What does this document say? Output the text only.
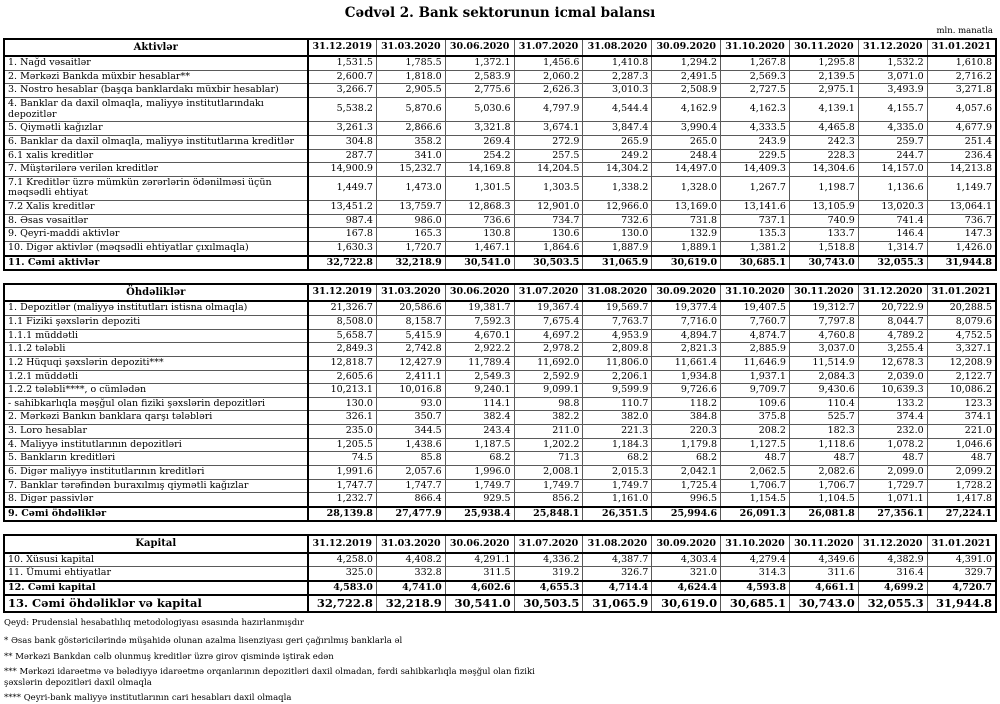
Cədvəl 2. Bank sektorunun icmal balansı
mln. manatla
Aktivlər	31.12.2019	31.03.2020	30.06.2020	31.07.2020	31.08.2020	30.09.2020	31.10.2020	30.11.2020	31.12.2020	31.01.2021
1. Nağd vəsaitlər	1,531.5	1,785.5	1,372.1	1,456.6	1,410.8	1,294.2	1,267.8	1,295.8	1,532.2	1,610.8
2. Mərkəzi Bankda müxbir hesablar**	2,600.7	1,818.0	2,583.9	2,060.2	2,287.3	2,491.5	2,569.3	2,139.5	3,071.0	2,716.2
3. Nostro hesablar (başqa banklardakı müxbir hesablar)	3,266.7	2,905.5	2,775.6	2,626.3	3,010.3	2,508.9	2,727.5	2,975.1	3,493.9	3,271.8
4. Banklar da daxil olmaqla, maliyyə institutlarındakı depozitlər	5,538.2	5,870.6	5,030.6	4,797.9	4,544.4	4,162.9	4,162.3	4,139.1	4,155.7	4,057.6
5. Qiymətli kağızlar	3,261.3	2,866.6	3,321.8	3,674.1	3,847.4	3,990.4	4,333.5	4,465.8	4,335.0	4,677.9
6. Banklar da daxil olmaqla, maliyyə institutlarına kreditlər	304.8	358.2	269.4	272.9	265.9	265.0	243.9	242.3	259.7	251.4
6.1 xalis kreditlər	287.7	341.0	254.2	257.5	249.2	248.4	229.5	228.3	244.7	236.4
7. Müştərilərə verilən kreditlər	14,900.9	15,232.7	14,169.8	14,204.5	14,304.2	14,497.0	14,409.3	14,304.6	14,157.0	14,213.8
7.1 Kreditlər üzrə mümkün zərərlərin ödənilməsi üçün məqsədli ehtiyat	1,449.7	1,473.0	1,301.5	1,303.5	1,338.2	1,328.0	1,267.7	1,198.7	1,136.6	1,149.7
7.2 Xalis kreditlər	13,451.2	13,759.7	12,868.3	12,901.0	12,966.0	13,169.0	13,141.6	13,105.9	13,020.3	13,064.1
8. Əsas vəsaitlər	987.4	986.0	736.6	734.7	732.6	731.8	737.1	740.9	741.4	736.7
9. Qeyri-maddi aktivlər	167.8	165.3	130.8	130.6	130.0	132.9	135.3	133.7	146.4	147.3
10. Digər aktivlər (məqsədli ehtiyatlar çıxılmaqla)	1,630.3	1,720.7	1,467.1	1,864.6	1,887.9	1,889.1	1,381.2	1,518.8	1,314.7	1,426.0
11. Cəmi aktivlər	32,722.8	32,218.9	30,541.0	30,503.5	31,065.9	30,619.0	30,685.1	30,743.0	32,055.3	31,944.8
Öhdəliklər	31.12.2019	31.03.2020	30.06.2020	31.07.2020	31.08.2020	30.09.2020	31.10.2020	30.11.2020	31.12.2020	31.01.2021
1. Depozitlər (maliyyə institutları istisna olmaqla)	21,326.7	20,586.6	19,381.7	19,367.4	19,569.7	19,377.4	19,407.5	19,312.7	20,722.9	20,288.5
1.1 Fiziki şəxslərin depoziti	8,508.0	8,158.7	7,592.3	7,675.4	7,763.7	7,716.0	7,760.7	7,797.8	8,044.7	8,079.6
1.1.1 müddətli	5,658.7	5,415.9	4,670.1	4,697.2	4,953.9	4,894.7	4,874.7	4,760.8	4,789.2	4,752.5
1.1.2 tələbli	2,849.3	2,742.8	2,922.2	2,978.2	2,809.8	2,821.3	2,885.9	3,037.0	3,255.4	3,327.1
1.2 Hüquqi şəxslərin depoziti***	12,818.7	12,427.9	11,789.4	11,692.0	11,806.0	11,661.4	11,646.9	11,514.9	12,678.3	12,208.9
1.2.1 müddətli	2,605.6	2,411.1	2,549.3	2,592.9	2,206.1	1,934.8	1,937.1	2,084.3	2,039.0	2,122.7
1.2.2 tələbli****, o cümlədən	10,213.1	10,016.8	9,240.1	9,099.1	9,599.9	9,726.6	9,709.7	9,430.6	10,639.3	10,086.2
- sahibkarlıqla məşğul olan fiziki şəxslərin depozitləri	130.0	93.0	114.1	98.8	110.7	118.2	109.6	110.4	133.2	123.3
2. Mərkəzi Bankın banklara qarşı tələbləri	326.1	350.7	382.4	382.2	382.0	384.8	375.8	525.7	374.4	374.1
3. Loro hesablar	235.0	344.5	243.4	211.0	221.3	220.3	208.2	182.3	232.0	221.0
4. Maliyyə institutlarının depozitləri	1,205.5	1,438.6	1,187.5	1,202.2	1,184.3	1,179.8	1,127.5	1,118.6	1,078.2	1,046.6
5. Bankların kreditləri	74.5	85.8	68.2	71.3	68.2	68.2	48.7	48.7	48.7	48.7
6. Digər maliyyə institutlarının kreditləri	1,991.6	2,057.6	1,996.0	2,008.1	2,015.3	2,042.1	2,062.5	2,082.6	2,099.0	2,099.2
7. Banklar tərəfindən buraxılmış qiymətli kağızlar	1,747.7	1,747.7	1,749.7	1,749.7	1,749.7	1,725.4	1,706.7	1,706.7	1,729.7	1,728.2
8. Digər passivlər	1,232.7	866.4	929.5	856.2	1,161.0	996.5	1,154.5	1,104.5	1,071.1	1,417.8
9. Cəmi öhdəliklər	28,139.8	27,477.9	25,938.4	25,848.1	26,351.5	25,994.6	26,091.3	26,081.8	27,356.1	27,224.1
Kapital	31.12.2019	31.03.2020	30.06.2020	31.07.2020	31.08.2020	30.09.2020	31.10.2020	30.11.2020	31.12.2020	31.01.2021
10. Xüsusi kapital	4,258.0	4,408.2	4,291.1	4,336.2	4,387.7	4,303.4	4,279.4	4,349.6	4,382.9	4,391.0
11. Ümumi ehtiyatlar	325.0	332.8	311.5	319.2	326.7	321.0	314.3	311.6	316.4	329.7
12. Cəmi kapital	4,583.0	4,741.0	4,602.6	4,655.3	4,714.4	4,624.4	4,593.8	4,661.1	4,699.2	4,720.7
13. Cəmi öhdəliklər və kapital	32,722.8	32,218.9	30,541.0	30,503.5	31,065.9	30,619.0	30,685.1	30,743.0	32,055.3	31,944.8

Qeyd: Prudensial hesabatlılıq metodologiyası əsasında hazırlanmışdır

* Əsas bank göstəricilərində müşahidə olunan azalma lisenziyası geri çağırılmış banklarla əl

** Mərkəzi Bankdan cəlb olunmuş kreditlər üzrə girov qismində iştirak edən

*** Mərkəzi idarəetmə və bələdiyyə idarəetmə orqanlarının depozitləri daxil olmadan, fərdi sahibkarlıqla məşğul olan fiziki şəxslərin depozitləri daxil olmaqla

**** Qeyri-bank maliyyə institutlarının cari hesabları daxil olmaqla
